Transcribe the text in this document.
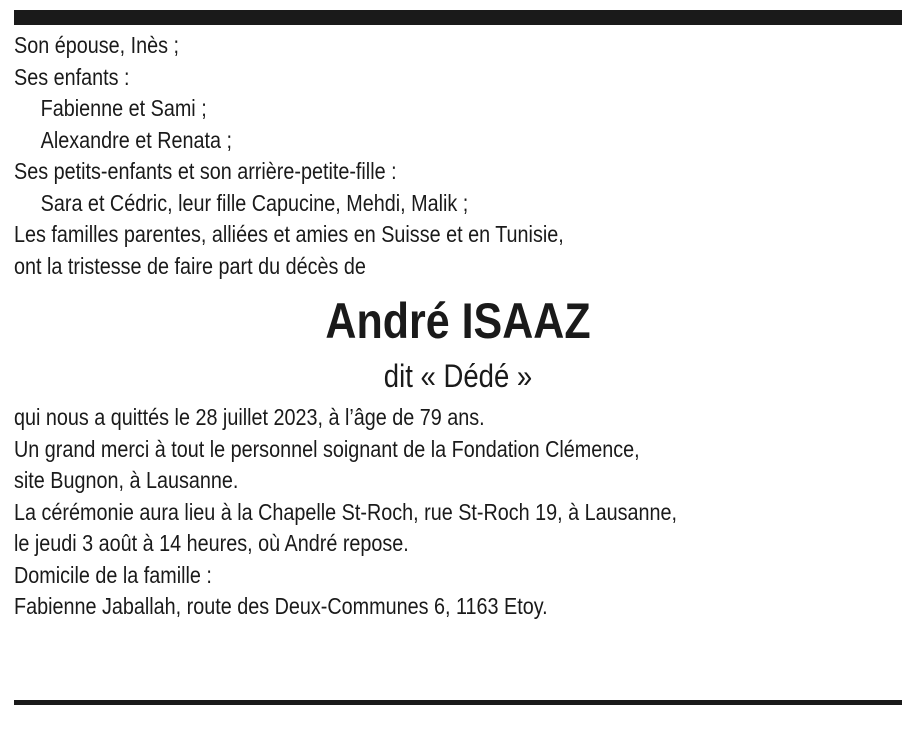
Son épouse, Inès ;
Ses enfants :
Fabienne et Sami ;
Alexandre et Renata ;
Ses petits-enfants et son arrière-petite-fille :
Sara et Cédric, leur fille Capucine, Mehdi, Malik ;
Les familles parentes, alliées et amies en Suisse et en Tunisie,
ont la tristesse de faire part du décès de
André ISAAZ
dit « Dédé »
qui nous a quittés le 28 juillet 2023, à l’âge de 79 ans.
Un grand merci à tout le personnel soignant de la Fondation Clémence,
site Bugnon, à Lausanne.
La cérémonie aura lieu à la Chapelle St-Roch, rue St-Roch 19, à Lausanne,
le jeudi 3 août à 14 heures, où André repose.
Domicile de la famille :
Fabienne Jaballah, route des Deux-Communes 6, 1163 Etoy.
